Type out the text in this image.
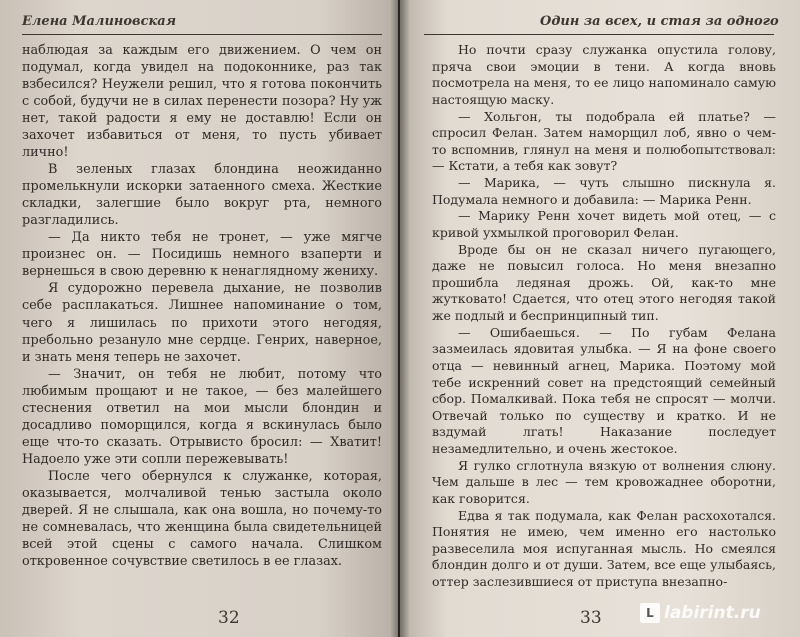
Елена Малиновская

наблюдая за каждым его движением. О чем он подумал, когда увидел на подоконнике, раз так взбесился? Неужели решил, что я готова покончить с собой, будучи не в силах перенести позора? Ну уж нет, такой радости я ему не доставлю! Если он захочет избавиться от меня, то пусть убивает лично!

В зеленых глазах блондина неожиданно промелькнули искорки затаенного смеха. Жесткие складки, залегшие было вокруг рта, немного разгладились.

— Да никто тебя не тронет, — уже мягче произнес он. — Посидишь немного взаперти и вернешься в свою деревню к ненаглядному жениху.

Я судорожно перевела дыхание, не позволив себе расплакаться. Лишнее напоминание о том, чего я лишилась по прихоти этого негодяя, пребольно резануло мне сердце. Генрих, наверное, и знать меня теперь не захочет.

— Значит, он тебя не любит, потому что любимым прощают и не такое, — без малейшего стеснения ответил на мои мысли блондин и досадливо поморщился, когда я вскинулась было еще что-то сказать. Отрывисто бросил: — Хватит! Надоело уже эти сопли пережевывать!

После чего обернулся к служанке, которая, оказывается, молчаливой тенью застыла около дверей. Я не слышала, как она вошла, но почему-то не сомневалась, что женщина была свидетельницей всей этой сцены с самого начала. Слишком откровенное сочувствие светилось в ее глазах.

32
Один за всех, и стая за одного

Но почти сразу служанка опустила голову, пряча свои эмоции в тени. А когда вновь посмотрела на меня, то ее лицо напоминало самую настоящую маску.

— Хольгон, ты подобрала ей платье? — спросил Фелан. Затем наморщил лоб, явно о чем-то вспомнив, глянул на меня и полюбопытствовал: — Кстати, а тебя как зовут?

— Марика, — чуть слышно пискнула я. Подумала немного и добавила: — Марика Ренн.

— Марику Ренн хочет видеть мой отец, — с кривой ухмылкой проговорил Фелан.

Вроде бы он не сказал ничего пугающего, даже не повысил голоса. Но меня внезапно прошибла ледяная дрожь. Ой, как-то мне жутковато! Сдается, что отец этого негодяя такой же подлый и беспринципный тип.

— Ошибаешься. — По губам Фелана зазмеилась ядовитая улыбка. — Я на фоне своего отца — невинный агнец, Марика. Поэтому мой тебе искренний совет на предстоящий семейный сбор. Помалкивай. Пока тебя не спросят — молчи. Отвечай только по существу и кратко. И не вздумай лгать! Наказание последует незамедлительно, и очень жестокое.

Я гулко сглотнула вязкую от волнения слюну. Чем дальше в лес — тем кровожаднее оборотни, как говорится.

Едва я так подумала, как Фелан расхохотался. Понятия не имею, чем именно его настолько развеселила моя испуганная мысль. Но смеялся блондин долго и от души. Затем, все еще улыбаясь, оттер заслезившиеся от приступа внезапно-

33	L labirint.ru
